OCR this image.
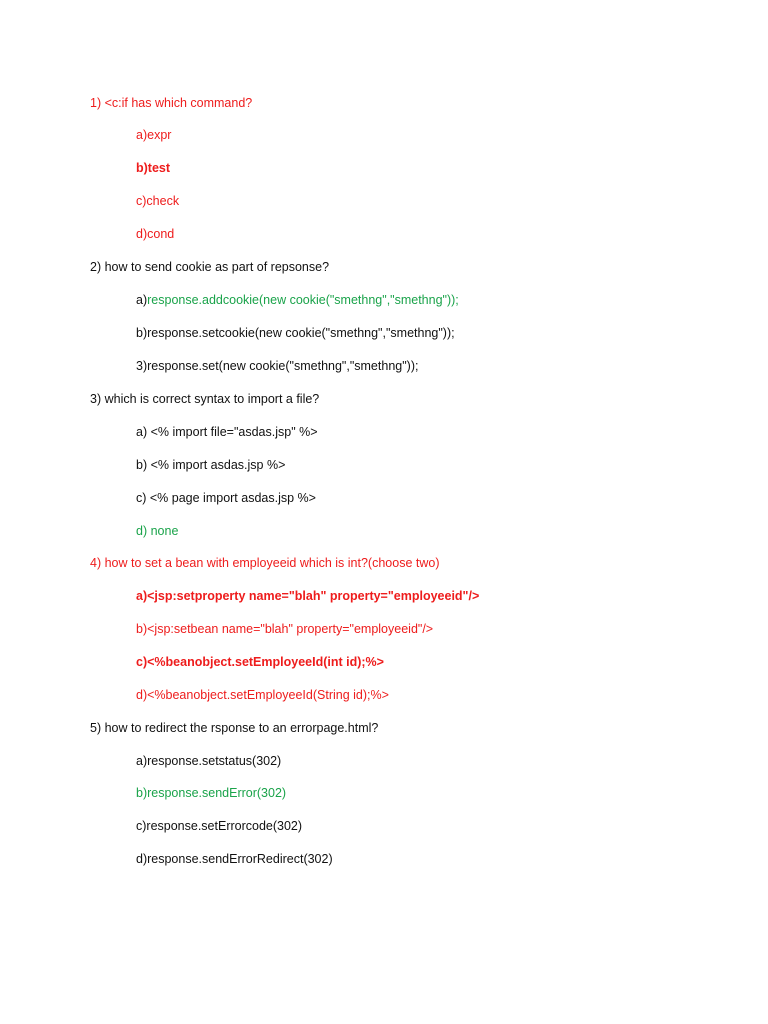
1) <c:if has which command?
a)expr
b)test
c)check
d)cond
2) how to send cookie as part of repsonse?
a)response.addcookie(new cookie("smethng","smethng"));
b)response.setcookie(new cookie("smethng","smethng"));
3)response.set(new cookie("smethng","smethng"));
3) which is correct syntax to import a file?
a) <% import file="asdas.jsp" %>
b) <% import asdas.jsp %>
c) <% page import asdas.jsp %>
d) none
4) how to set a bean with employeeid which is int?(choose two)
a)<jsp:setproperty name="blah" property="employeeid"/>
b)<jsp:setbean name="blah" property="employeeid"/>
c)<%beanobject.setEmployeeId(int id);%>
d)<%beanobject.setEmployeeId(String id);%>
5) how to redirect the rsponse to an errorpage.html?
a)response.setstatus(302)
b)response.sendError(302)
c)response.setErrorcode(302)
d)response.sendErrorRedirect(302)
